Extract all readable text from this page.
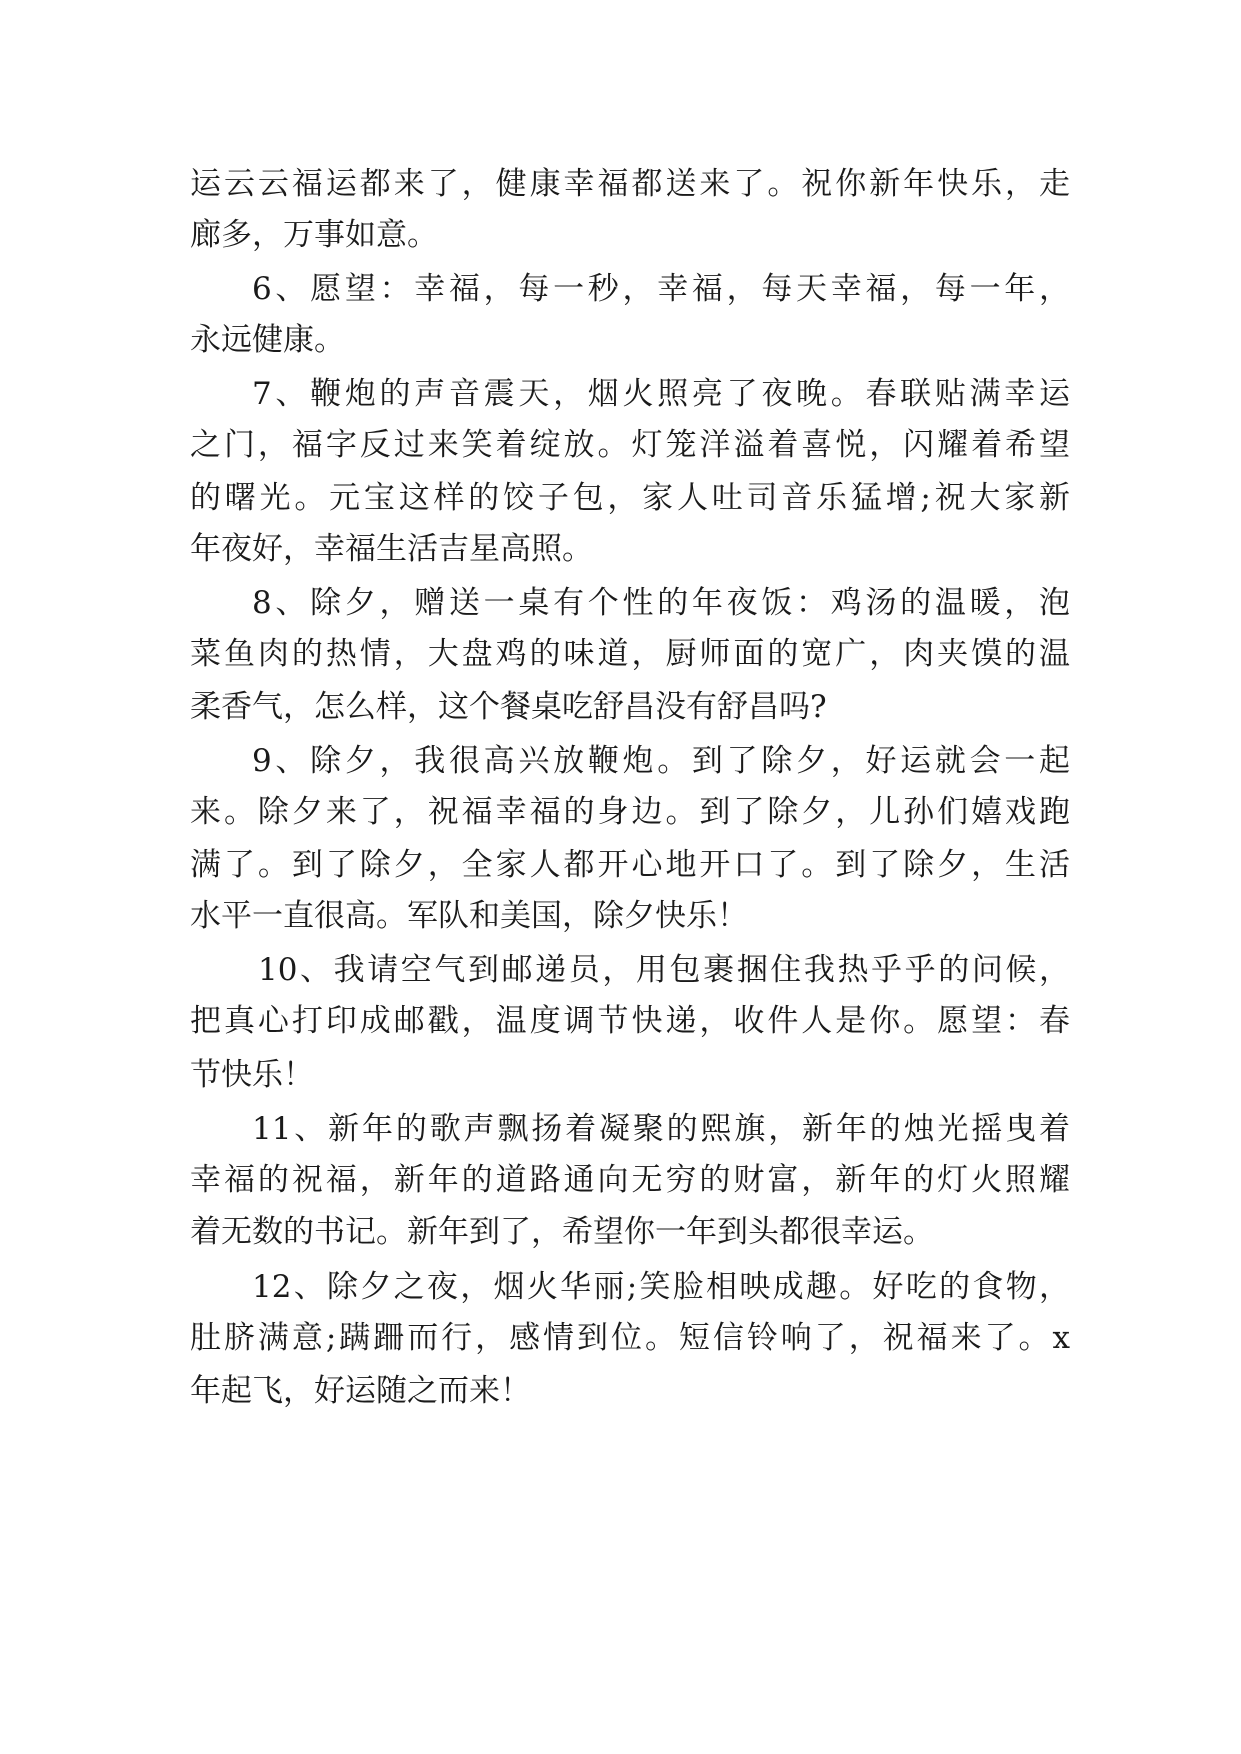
运云云福运都来了，健康幸福都送来了。祝你新年快乐，走
廊多，万事如意。
6、愿望：幸福，每一秒，幸福，每天幸福，每一年，
永远健康。
7、鞭炮的声音震天，烟火照亮了夜晚。春联贴满幸运
之门，福字反过来笑着绽放。灯笼洋溢着喜悦，闪耀着希望
的曙光。元宝这样的饺子包，家人吐司音乐猛增;祝大家新
年夜好，幸福生活吉星高照。
8、除夕，赠送一桌有个性的年夜饭：鸡汤的温暖，泡
菜鱼肉的热情，大盘鸡的味道，厨师面的宽广，肉夹馍的温
柔香气，怎么样，这个餐桌吃舒昌没有舒昌吗?
9、除夕，我很高兴放鞭炮。到了除夕，好运就会一起
来。除夕来了，祝福幸福的身边。到了除夕，儿孙们嬉戏跑
满了。到了除夕，全家人都开心地开口了。到了除夕，生活
水平一直很高。军队和美国，除夕快乐！
10、我请空气到邮递员，用包裹捆住我热乎乎的问候，
把真心打印成邮戳，温度调节快递，收件人是你。愿望：春
节快乐！
11、新年的歌声飘扬着凝聚的熙旗，新年的烛光摇曳着
幸福的祝福，新年的道路通向无穷的财富，新年的灯火照耀
着无数的书记。新年到了，希望你一年到头都很幸运。
12、除夕之夜，烟火华丽;笑脸相映成趣。好吃的食物，
肚脐满意;蹒跚而行，感情到位。短信铃响了，祝福来了。x
年起飞，好运随之而来！
